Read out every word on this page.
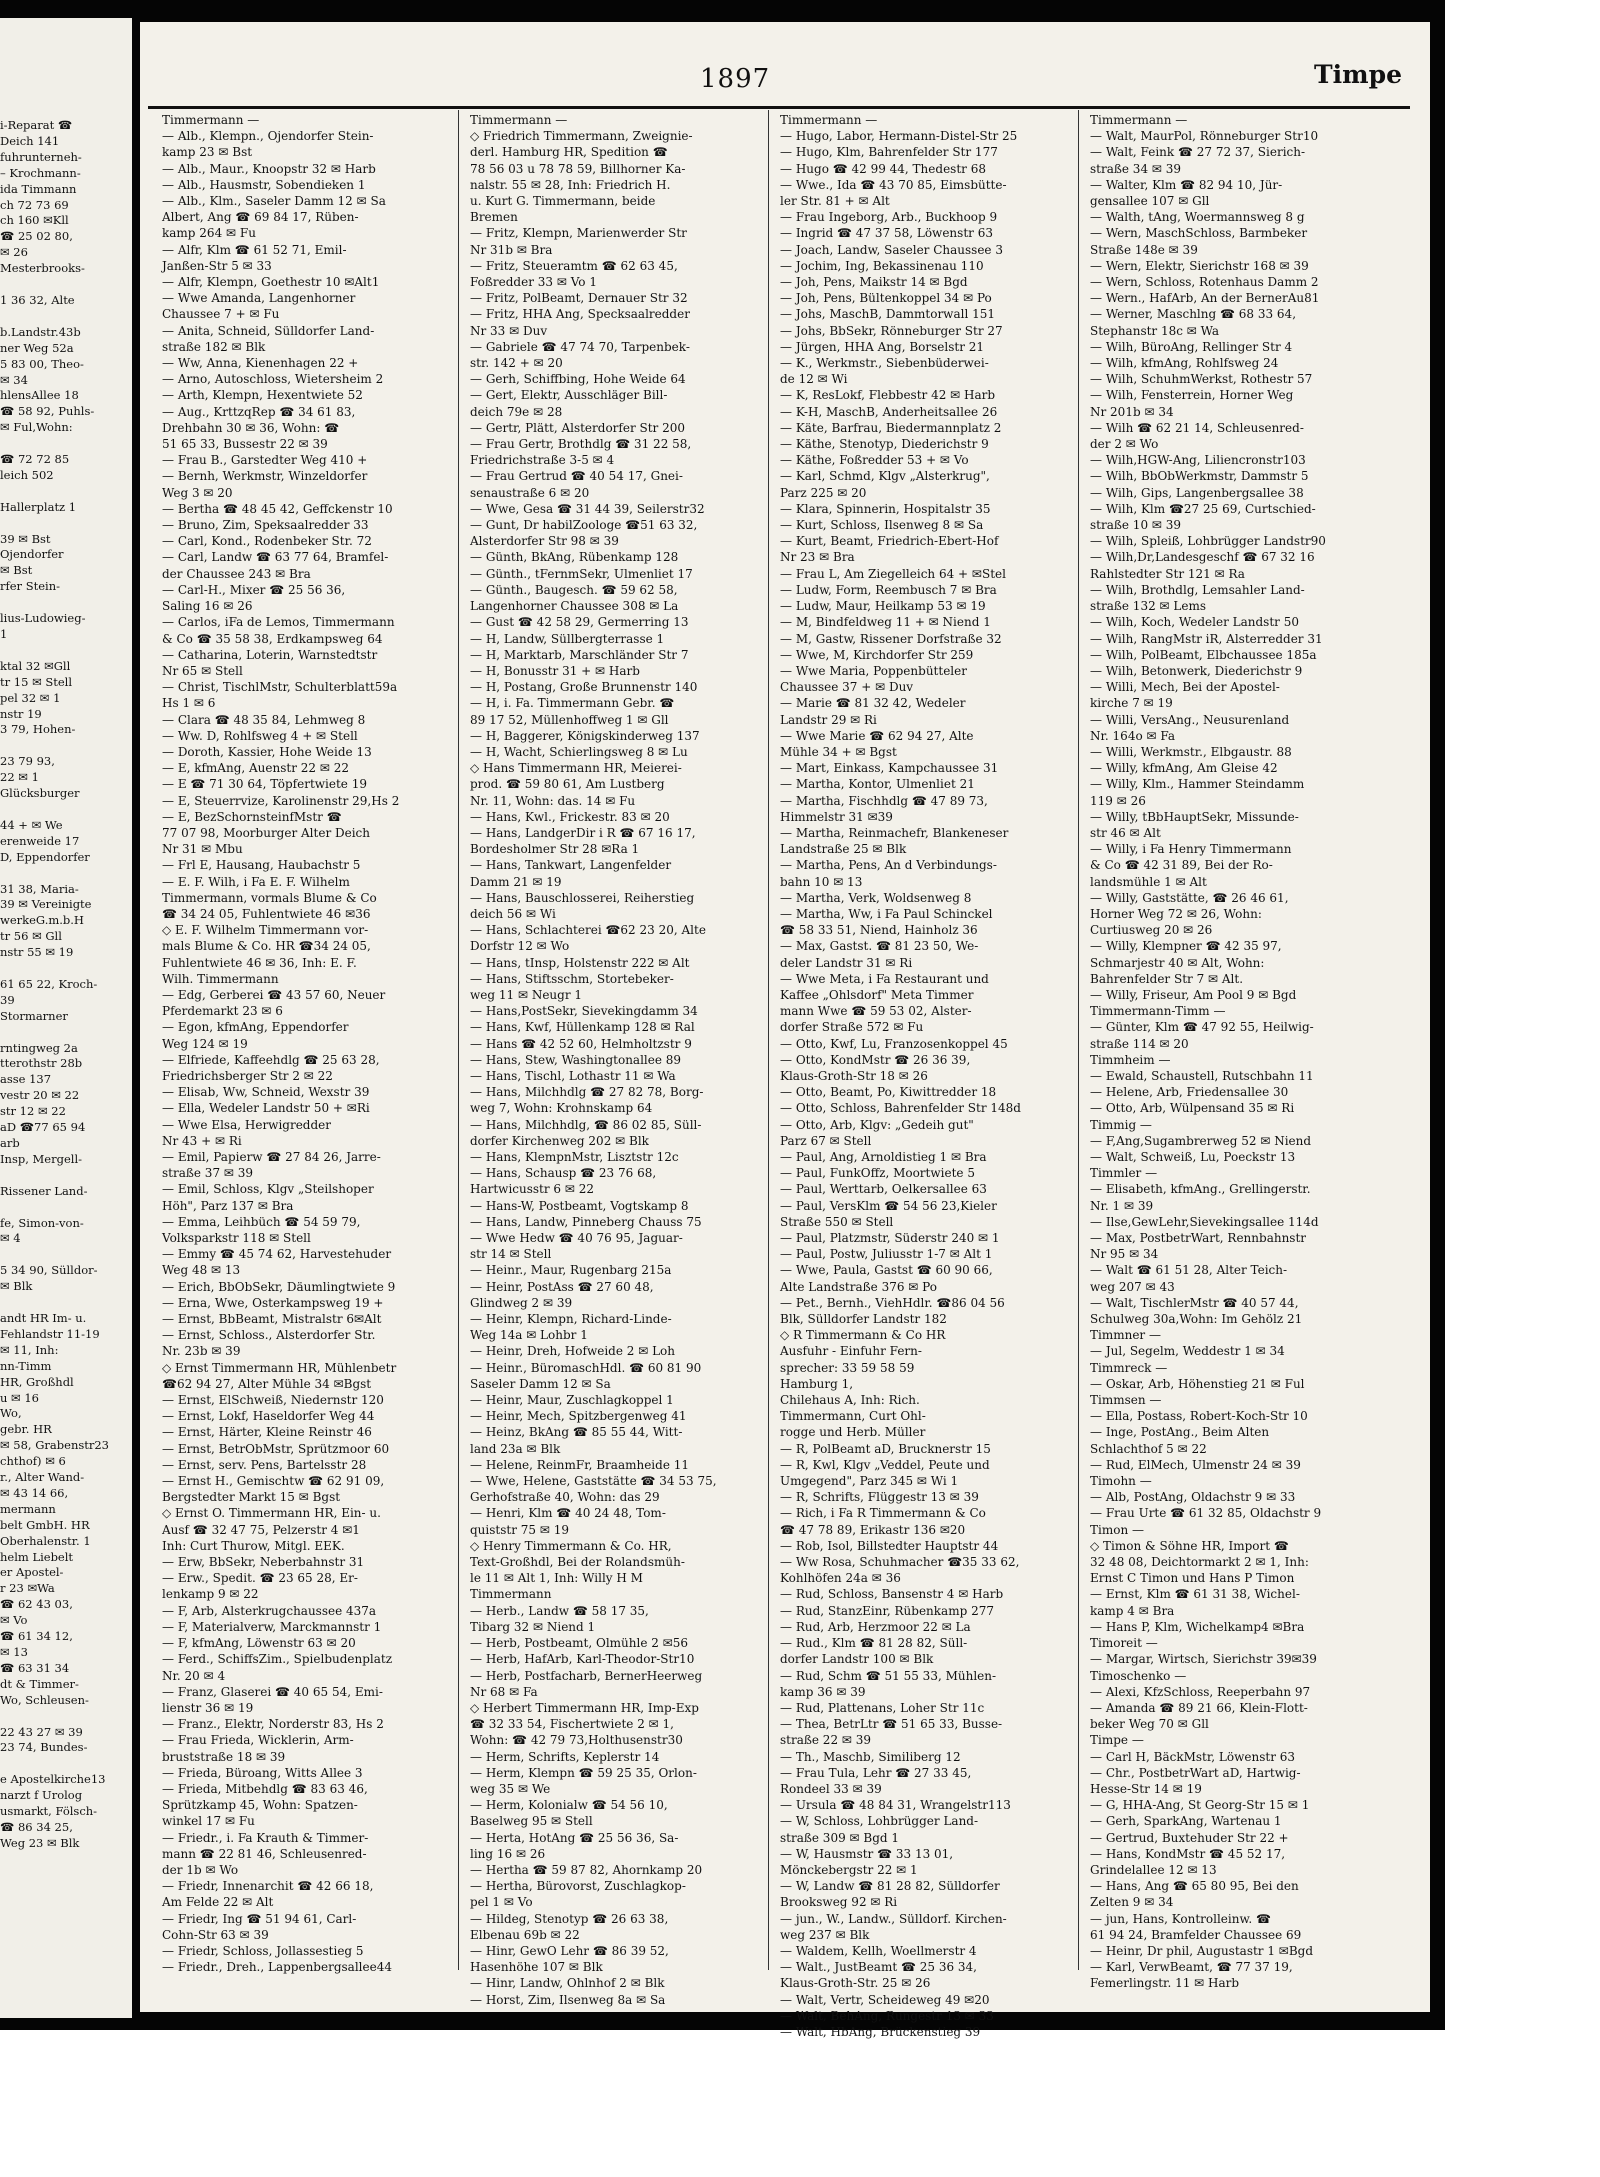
i-Reparat ☎
Deich 141
fuhrunterneh-
– Krochmann-
ida Timmann
ch 72 73 69
ch 160 ✉Kll
☎ 25 02 80,
✉ 26
Mesterbrooks-

1 36 32, Alte

b.Landstr.43b
ner Weg 52a
5 83 00, Theo-
✉ 34
hlensAllee 18
☎ 58 92, Puhls-
✉ Ful,Wohn:

☎ 72 72 85
leich 502

Hallerplatz 1

39 ✉ Bst
Ojendorfer
✉ Bst
rfer Stein-

lius-Ludowieg-
1

ktal 32 ✉Gll
tr 15 ✉ Stell
pel 32 ✉ 1
nstr 19
3 79, Hohen-

23 79 93,
22 ✉ 1
Glücksburger

44 + ✉ We
erenweide 17
D, Eppendorfer

31 38, Maria-
39 ✉ Vereinigte
werkeG.m.b.H
tr 56 ✉ Gll
nstr 55 ✉ 19

61 65 22, Kroch-
39
Stormarner

rntingweg 2a
tterothstr 28b
asse 137
vestr 20 ✉ 22
str 12 ✉ 22
aD ☎77 65 94
arb
Insp, Mergell-

Rissener Land-

fe, Simon-von-
✉ 4

5 34 90, Sülldor-
✉ Blk

andt HR Im- u.
Fehlandstr 11-19
✉ 11, Inh:
nn-Timm
HR, Großhdl
u ✉ 16
Wo,
gebr. HR
✉ 58, Grabenstr23
chthof) ✉ 6
r., Alter Wand-
✉ 43 14 66,
mermann
belt GmbH. HR
Oberhalenstr. 1
helm Liebelt
er Apostel-
r 23 ✉Wa
☎ 62 43 03,
✉ Vo
☎ 61 34 12,
✉ 13
☎ 63 31 34
dt & Timmer-
Wo, Schleusen-

22 43 27 ✉ 39
23 74, Bundes-

e Apostelkirche13
narzt f Urolog
usmarkt, Fölsch-
☎ 86 34 25,
Weg 23 ✉ Blk
1897	Timpe
Timmermann —
— Alb., Klempn., Ojendorfer Stein-
kamp 23 ✉ Bst
— Alb., Maur., Knoopstr 32 ✉ Harb
— Alb., Hausmstr, Sobendieken 1
— Alb., Klm., Saseler Damm 12 ✉ Sa
Albert, Ang ☎ 69 84 17, Rüben-
kamp 264 ✉ Fu
— Alfr, Klm ☎ 61 52 71, Emil-
Janßen-Str 5 ✉ 33
— Alfr, Klempn, Goethestr 10 ✉Alt1
— Wwe Amanda, Langenhorner
Chaussee 7 + ✉ Fu
— Anita, Schneid, Sülldorfer Land-
straße 182 ✉ Blk
— Ww, Anna, Kienenhagen 22 +
— Arno, Autoschloss, Wietersheim 2
— Arth, Klempn, Hexentwiete 52
— Aug., KrttzqRep ☎ 34 61 83,
Drehbahn 30 ✉ 36, Wohn: ☎
51 65 33, Bussestr 22 ✉ 39
— Frau B., Garstedter Weg 410 +
— Bernh, Werkmstr, Winzeldorfer
Weg 3 ✉ 20
— Bertha ☎ 48 45 42, Geffckenstr 10
— Bruno, Zim, Speksaalredder 33
— Carl, Kond., Rodenbeker Str. 72
— Carl, Landw ☎ 63 77 64, Bramfel-
der Chaussee 243 ✉ Bra
— Carl-H., Mixer ☎ 25 56 36,
Saling 16 ✉ 26
— Carlos, iFa de Lemos, Timmermann
& Co ☎ 35 58 38, Erdkampsweg 64
— Catharina, Loterin, Warnstedtstr
Nr 65 ✉ Stell
— Christ, TischlMstr, Schulterblatt59a
Hs 1 ✉ 6
— Clara ☎ 48 35 84, Lehmweg 8
— Ww. D, Rohlfsweg 4 + ✉ Stell
— Doroth, Kassier, Hohe Weide 13
— E, kfmAng, Auenstr 22 ✉ 22
— E ☎ 71 30 64, Töpfertwiete 19
— E, Steuerrvize, Karolinenstr 29,Hs 2
— E, BezSchornsteinfMstr ☎
77 07 98, Moorburger Alter Deich
Nr 31 ✉ Mbu
— Frl E, Hausang, Haubachstr 5
— E. F. Wilh, i Fa E. F. Wilhelm
Timmermann, vormals Blume & Co
☎ 34 24 05, Fuhlentwiete 46 ✉36
◇ E. F. Wilhelm Timmermann vor-
mals Blume & Co. HR ☎34 24 05,
Fuhlentwiete 46 ✉ 36, Inh: E. F.
Wilh. Timmermann
— Edg, Gerberei ☎ 43 57 60, Neuer
Pferdemarkt 23 ✉ 6
— Egon, kfmAng, Eppendorfer
Weg 124 ✉ 19
— Elfriede, Kaffeehdlg ☎ 25 63 28,
Friedrichsberger Str 2 ✉ 22
— Elisab, Ww, Schneid, Wexstr 39
— Ella, Wedeler Landstr 50 + ✉Ri
— Wwe Elsa, Herwigredder
Nr 43 + ✉ Ri
— Emil, Papierw ☎ 27 84 26, Jarre-
straße 37 ✉ 39
— Emil, Schloss, Klgv „Steilshoper
Höh", Parz 137 ✉ Bra
— Emma, Leihbüch ☎ 54 59 79,
Volksparkstr 118 ✉ Stell
— Emmy ☎ 45 74 62, Harvestehuder
Weg 48 ✉ 13
— Erich, BbObSekr, Däumlingtwiete 9
— Erna, Wwe, Osterkampsweg 19 +
— Ernst, BbBeamt, Mistralstr 6✉Alt
— Ernst, Schloss., Alsterdorfer Str.
Nr. 23b ✉ 39
◇ Ernst Timmermann HR, Mühlenbetr
☎62 94 27, Alter Mühle 34 ✉Bgst
— Ernst, ElSchweiß, Niedernstr 120
— Ernst, Lokf, Haseldorfer Weg 44
— Ernst, Härter, Kleine Reinstr 46
— Ernst, BetrObMstr, Sprützmoor 60
— Ernst, serv. Pens, Bartelsstr 28
— Ernst H., Gemischtw ☎ 62 91 09,
Bergstedter Markt 15 ✉ Bgst
◇ Ernst O. Timmermann HR, Ein- u.
Ausf ☎ 32 47 75, Pelzerstr 4 ✉1
Inh: Curt Thurow, Mitgl. EEK.
— Erw, BbSekr, Neberbahnstr 31
— Erw., Spedit. ☎ 23 65 28, Er-
lenkamp 9 ✉ 22
— F, Arb, Alsterkrugchaussee 437a
— F, Materialverw, Marckmannstr 1
— F, kfmAng, Löwenstr 63 ✉ 20
— Ferd., SchiffsZim., Spielbudenplatz
Nr. 20 ✉ 4
— Franz, Glaserei ☎ 40 65 54, Emi-
lienstr 36 ✉ 19
— Franz., Elektr, Norderstr 83, Hs 2
— Frau Frieda, Wicklerin, Arm-
bruststraße 18 ✉ 39
— Frieda, Büroang, Witts Allee 3
— Frieda, Mitbehdlg ☎ 83 63 46,
Sprützkamp 45, Wohn: Spatzen-
winkel 17 ✉ Fu
— Friedr., i. Fa Krauth & Timmer-
mann ☎ 22 81 46, Schleusenred-
der 1b ✉ Wo
— Friedr, Innenarchit ☎ 42 66 18,
Am Felde 22 ✉ Alt
— Friedr, Ing ☎ 51 94 61, Carl-
Cohn-Str 63 ✉ 39
— Friedr, Schloss, Jollassestieg 5
— Friedr., Dreh., Lappenbergsallee44
Timmermann —
◇ Friedrich Timmermann, Zweignie-
derl. Hamburg HR, Spedition ☎
78 56 03 u 78 78 59, Billhorner Ka-
nalstr. 55 ✉ 28, Inh: Friedrich H.
u. Kurt G. Timmermann, beide
Bremen
— Fritz, Klempn, Marienwerder Str
Nr 31b ✉ Bra
— Fritz, Steueramtm ☎ 62 63 45,
Foßredder 33 ✉ Vo 1
— Fritz, PolBeamt, Dernauer Str 32
— Fritz, HHA Ang, Specksaalredder
Nr 33 ✉ Duv
— Gabriele ☎ 47 74 70, Tarpenbek-
str. 142 + ✉ 20
— Gerh, Schiffbing, Hohe Weide 64
— Gert, Elektr, Ausschläger Bill-
deich 79e ✉ 28
— Gertr, Plätt, Alsterdorfer Str 200
— Frau Gertr, Brothdlg ☎ 31 22 58,
Friedrichstraße 3-5 ✉ 4
— Frau Gertrud ☎ 40 54 17, Gnei-
senaustraße 6 ✉ 20
— Wwe, Gesa ☎ 31 44 39, Seilerstr32
— Gunt, Dr habilZoologe ☎51 63 32,
Alsterdorfer Str 98 ✉ 39
— Günth, BkAng, Rübenkamp 128
— Günth., tFernmSekr, Ulmenliet 17
— Günth., Baugesch. ☎ 59 62 58,
Langenhorner Chaussee 308 ✉ La
— Gust ☎ 42 58 29, Germerring 13
— H, Landw, Süllbergterrasse 1
— H, Marktarb, Marschländer Str 7
— H, Bonusstr 31 + ✉ Harb
— H, Postang, Große Brunnenstr 140
— H, i. Fa. Timmermann Gebr. ☎
89 17 52, Müllenhoffweg 1 ✉ Gll
— H, Baggerer, Königskinderweg 137
— H, Wacht, Schierlingsweg 8 ✉ Lu
◇ Hans Timmermann HR, Meierei-
prod. ☎ 59 80 61, Am Lustberg
Nr. 11, Wohn: das. 14 ✉ Fu
— Hans, Kwl., Frickestr. 83 ✉ 20
— Hans, LandgerDir i R ☎ 67 16 17,
Bordesholmer Str 28 ✉Ra 1
— Hans, Tankwart, Langenfelder
Damm 21 ✉ 19
— Hans, Bauschlosserei, Reiherstieg
deich 56 ✉ Wi
— Hans, Schlachterei ☎62 23 20, Alte
Dorfstr 12 ✉ Wo
— Hans, tInsp, Holstenstr 222 ✉ Alt
— Hans, Stiftsschm, Stortebeker-
weg 11 ✉ Neugr 1
— Hans,PostSekr, Sievekingdamm 34
— Hans, Kwf, Hüllenkamp 128 ✉ Ral
— Hans ☎ 42 52 60, Helmholtzstr 9
— Hans, Stew, Washingtonallee 89
— Hans, Tischl, Lothastr 11 ✉ Wa
— Hans, Milchhdlg ☎ 27 82 78, Borg-
weg 7, Wohn: Krohnskamp 64
— Hans, Milchhdlg, ☎ 86 02 85, Süll-
dorfer Kirchenweg 202 ✉ Blk
— Hans, KlempnMstr, Lisztstr 12c
— Hans, Schausp ☎ 23 76 68,
Hartwicusstr 6 ✉ 22
— Hans-W, Postbeamt, Vogtskamp 8
— Hans, Landw, Pinneberg Chauss 75
— Wwe Hedw ☎ 40 76 95, Jaguar-
str 14 ✉ Stell
— Heinr., Maur, Rugenbarg 215a
— Heinr, PostAss ☎ 27 60 48,
Glindweg 2 ✉ 39
— Heinr, Klempn, Richard-Linde-
Weg 14a ✉ Lohbr 1
— Heinr, Dreh, Hofweide 2 ✉ Loh
— Heinr., BüromaschHdl. ☎ 60 81 90
Saseler Damm 12 ✉ Sa
— Heinr, Maur, Zuschlagkoppel 1
— Heinr, Mech, Spitzbergenweg 41
— Heinz, BkAng ☎ 85 55 44, Witt-
land 23a ✉ Blk
— Helene, ReinmFr, Braamheide 11
— Wwe, Helene, Gaststätte ☎ 34 53 75,
Gerhofstraße 40, Wohn: das 29
— Henri, Klm ☎ 40 24 48, Tom-
quiststr 75 ✉ 19
◇ Henry Timmermann & Co. HR,
Text-Großhdl, Bei der Rolandsmüh-
le 11 ✉ Alt 1, Inh: Willy H M
Timmermann
— Herb., Landw ☎ 58 17 35,
Tibarg 32 ✉ Niend 1
— Herb, Postbeamt, Olmühle 2 ✉56
— Herb, HafArb, Karl-Theodor-Str10
— Herb, Postfacharb, BernerHeerweg
Nr 68 ✉ Fa
◇ Herbert Timmermann HR, Imp-Exp
☎ 32 33 54, Fischertwiete 2 ✉ 1,
Wohn: ☎ 42 79 73,Holthusenstr30
— Herm, Schrifts, Keplerstr 14
— Herm, Klempn ☎ 59 25 35, Orlon-
weg 35 ✉ We
— Herm, Kolonialw ☎ 54 56 10,
Baselweg 95 ✉ Stell
— Herta, HotAng ☎ 25 56 36, Sa-
ling 16 ✉ 26
— Hertha ☎ 59 87 82, Ahornkamp 20
— Hertha, Bürovorst, Zuschlagkop-
pel 1 ✉ Vo
— Hildeg, Stenotyp ☎ 26 63 38,
Elbenau 69b ✉ 22
— Hinr, GewO Lehr ☎ 86 39 52,
Hasenhöhe 107 ✉ Blk
— Hinr, Landw, Ohlnhof 2 ✉ Blk
— Horst, Zim, Ilsenweg 8a ✉ Sa
Timmermann —
— Hugo, Labor, Hermann-Distel-Str 25
— Hugo, Klm, Bahrenfelder Str 177
— Hugo ☎ 42 99 44, Thedestr 68
— Wwe., Ida ☎ 43 70 85, Eimsbütte-
ler Str. 81 + ✉ Alt
— Frau Ingeborg, Arb., Buckhoop 9
— Ingrid ☎ 47 37 58, Löwenstr 63
— Joach, Landw, Saseler Chaussee 3
— Jochim, Ing, Bekassinenau 110
— Joh, Pens, Maikstr 14 ✉ Bgd
— Joh, Pens, Bültenkoppel 34 ✉ Po
— Johs, MaschB, Dammtorwall 151
— Johs, BbSekr, Rönneburger Str 27
— Jürgen, HHA Ang, Borselstr 21
— K., Werkmstr., Siebenbüderwei-
de 12 ✉ Wi
— K, ResLokf, Flebbestr 42 ✉ Harb
— K-H, MaschB, Anderheitsallee 26
— Käte, Barfrau, Biedermannplatz 2
— Käthe, Stenotyp, Diederichstr 9
— Käthe, Foßredder 53 + ✉ Vo
— Karl, Schmd, Klgv „Alsterkrug",
Parz 225 ✉ 20
— Klara, Spinnerin, Hospitalstr 35
— Kurt, Schloss, Ilsenweg 8 ✉ Sa
— Kurt, Beamt, Friedrich-Ebert-Hof
Nr 23 ✉ Bra
— Frau L, Am Ziegelleich 64 + ✉Stel
— Ludw, Form, Reembusch 7 ✉ Bra
— Ludw, Maur, Heilkamp 53 ✉ 19
— M, Bindfeldweg 11 + ✉ Niend 1
— M, Gastw, Rissener Dorfstraße 32
— Wwe, M, Kirchdorfer Str 259
— Wwe Maria, Poppenbütteler
Chaussee 37 + ✉ Duv
— Marie ☎ 81 32 42, Wedeler
Landstr 29 ✉ Ri
— Wwe Marie ☎ 62 94 27, Alte
Mühle 34 + ✉ Bgst
— Mart, Einkass, Kampchaussee 31
— Martha, Kontor, Ulmenliet 21
— Martha, Fischhdlg ☎ 47 89 73,
Himmelstr 31 ✉39
— Martha, Reinmachefr, Blankeneser
Landstraße 25 ✉ Blk
— Martha, Pens, An d Verbindungs-
bahn 10 ✉ 13
— Martha, Verk, Woldsenweg 8
— Martha, Ww, i Fa Paul Schinckel
☎ 58 33 51, Niend, Hainholz 36
— Max, Gastst. ☎ 81 23 50, We-
deler Landstr 31 ✉ Ri
— Wwe Meta, i Fa Restaurant und
Kaffee „Ohlsdorf" Meta Timmer
mann Wwe ☎ 59 53 02, Alster-
dorfer Straße 572 ✉ Fu
— Otto, Kwf, Lu, Franzosenkoppel 45
— Otto, KondMstr ☎ 26 36 39,
Klaus-Groth-Str 18 ✉ 26
— Otto, Beamt, Po, Kiwittredder 18
— Otto, Schloss, Bahrenfelder Str 148d
— Otto, Arb, Klgv: „Gedeih gut"
Parz 67 ✉ Stell
— Paul, Ang, Arnoldistieg 1 ✉ Bra
— Paul, FunkOffz, Moortwiete 5
— Paul, Werttarb, Oelkersallee 63
— Paul, VersKlm ☎ 54 56 23,Kieler
Straße 550 ✉ Stell
— Paul, Platzmstr, Süderstr 240 ✉ 1
— Paul, Postw, Juliusstr 1-7 ✉ Alt 1
— Wwe, Paula, Gastst ☎ 60 90 66,
Alte Landstraße 376 ✉ Po
— Pet., Bernh., ViehHdlr. ☎86 04 56
Blk, Sülldorfer Landstr 182
◇ R Timmermann & Co HR
Ausfuhr - Einfuhr Fern-
sprecher: 33 59 58 59
Hamburg 1,
Chilehaus A, Inh: Rich.
Timmermann, Curt Ohl-
rogge und Herb. Müller
— R, PolBeamt aD, Brucknerstr 15
— R, Kwl, Klgv „Veddel, Peute und
Umgegend", Parz 345 ✉ Wi 1
— R, Schrifts, Flüggestr 13 ✉ 39
— Rich, i Fa R Timmermann & Co
☎ 47 78 89, Erikastr 136 ✉20
— Rob, Isol, Billstedter Hauptstr 44
— Ww Rosa, Schuhmacher ☎35 33 62,
Kohlhöfen 24a ✉ 36
— Rud, Schloss, Bansenstr 4 ✉ Harb
— Rud, StanzEinr, Rübenkamp 277
— Rud, Arb, Herzmoor 22 ✉ La
— Rud., Klm ☎ 81 28 82, Süll-
dorfer Landstr 100 ✉ Blk
— Rud, Schm ☎ 51 55 33, Mühlen-
kamp 36 ✉ 39
— Rud, Plattenans, Loher Str 11c
— Thea, BetrLtr ☎ 51 65 33, Busse-
straße 22 ✉ 39
— Th., Maschb, Similiberg 12
— Frau Tula, Lehr ☎ 27 33 45,
Rondeel 33 ✉ 39
— Ursula ☎ 48 84 31, Wrangelstr113
— W, Schloss, Lohbrügger Land-
straße 309 ✉ Bgd 1
— W, Hausmstr ☎ 33 13 01,
Mönckebergstr 22 ✉ 1
— W, Landw ☎ 81 28 82, Sülldorfer
Brooksweg 92 ✉ Ri
— jun., W., Landw., Sülldorf. Kirchen-
weg 237 ✉ Blk
— Waldem, Kellh, Woellmerstr 4
— Walt., JustBeamt ☎ 25 36 34,
Klaus-Groth-Str. 25 ✉ 26
— Walt, Vertr, Scheideweg 49 ✉20
— Walt, BehAng, Rungestr 13 ✉ 33
— Walt, HbAng, Brückenstieg 39
Timmermann —
— Walt, MaurPol, Rönneburger Str10
— Walt, Feink ☎ 27 72 37, Sierich-
straße 34 ✉ 39
— Walter, Klm ☎ 82 94 10, Jür-
gensallee 107 ✉ Gll
— Walth, tAng, Woermannsweg 8 g
— Wern, MaschSchloss, Barmbeker
Straße 148e ✉ 39
— Wern, Elektr, Sierichstr 168 ✉ 39
— Wern, Schloss, Rotenhaus Damm 2
— Wern., HafArb, An der BernerAu81
— Werner, Maschlng ☎ 68 33 64,
Stephanstr 18c ✉ Wa
— Wilh, BüroAng, Rellinger Str 4
— Wilh, kfmAng, Rohlfsweg 24
— Wilh, SchuhmWerkst, Rothestr 57
— Wilh, Fensterrein, Horner Weg
Nr 201b ✉ 34
— Wilh ☎ 62 21 14, Schleusenred-
der 2 ✉ Wo
— Wilh,HGW-Ang, Liliencronstr103
— Wilh, BbObWerkmstr, Dammstr 5
— Wilh, Gips, Langenbergsallee 38
— Wilh, Klm ☎27 25 69, Curtschied-
straße 10 ✉ 39
— Wilh, Spleiß, Lohbrügger Landstr90
— Wilh,Dr,Landesgeschf ☎ 67 32 16
Rahlstedter Str 121 ✉ Ra
— Wilh, Brothdlg, Lemsahler Land-
straße 132 ✉ Lems
— Wilh, Koch, Wedeler Landstr 50
— Wilh, RangMstr iR, Alsterredder 31
— Wilh, PolBeamt, Elbchaussee 185a
— Wilh, Betonwerk, Diederichstr 9
— Willi, Mech, Bei der Apostel-
kirche 7 ✉ 19
— Willi, VersAng., Neusurenland
Nr. 164o ✉ Fa
— Willi, Werkmstr., Elbgaustr. 88
— Willy, kfmAng, Am Gleise 42
— Willy, Klm., Hammer Steindamm
119 ✉ 26
— Willy, tBbHauptSekr, Missunde-
str 46 ✉ Alt
— Willy, i Fa Henry Timmermann
& Co ☎ 42 31 89, Bei der Ro-
landsmühle 1 ✉ Alt
— Willy, Gaststätte, ☎ 26 46 61,
Horner Weg 72 ✉ 26, Wohn:
Curtiusweg 20 ✉ 26
— Willy, Klempner ☎ 42 35 97,
Schmarjestr 40 ✉ Alt, Wohn:
Bahrenfelder Str 7 ✉ Alt.
— Willy, Friseur, Am Pool 9 ✉ Bgd
Timmermann-Timm —
— Günter, Klm ☎ 47 92 55, Heilwig-
straße 114 ✉ 20
Timmheim —
— Ewald, Schaustell, Rutschbahn 11
— Helene, Arb, Friedensallee 30
— Otto, Arb, Wülpensand 35 ✉ Ri
Timmig —
— F,Ang,Sugambrerweg 52 ✉ Niend
— Walt, Schweiß, Lu, Poeckstr 13
Timmler —
— Elisabeth, kfmAng., Grellingerstr.
Nr. 1 ✉ 39
— Ilse,GewLehr,Sievekingsallee 114d
— Max, PostbetrWart, Rennbahnstr
Nr 95 ✉ 34
— Walt ☎ 61 51 28, Alter Teich-
weg 207 ✉ 43
— Walt, TischlerMstr ☎ 40 57 44,
Schulweg 30a,Wohn: Im Gehölz 21
Timmner —
— Jul, Segelm, Weddestr 1 ✉ 34
Timmreck —
— Oskar, Arb, Höhenstieg 21 ✉ Ful
Timmsen —
— Ella, Postass, Robert-Koch-Str 10
— Inge, PostAng., Beim Alten
Schlachthof 5 ✉ 22
— Rud, ElMech, Ulmenstr 24 ✉ 39
Timohn —
— Alb, PostAng, Oldachstr 9 ✉ 33
— Frau Urte ☎ 61 32 85, Oldachstr 9
Timon —
◇ Timon & Söhne HR, Import ☎
32 48 08, Deichtormarkt 2 ✉ 1, Inh:
Ernst C Timon und Hans P Timon
— Ernst, Klm ☎ 61 31 38, Wichel-
kamp 4 ✉ Bra
— Hans P, Klm, Wichelkamp4 ✉Bra
Timoreit —
— Margar, Wirtsch, Sierichstr 39✉39
Timoschenko —
— Alexi, KfzSchloss, Reeperbahn 97
— Amanda ☎ 89 21 66, Klein-Flott-
beker Weg 70 ✉ Gll
Timpe —
— Carl H, BäckMstr, Löwenstr 63
— Chr., PostbetrWart aD, Hartwig-
Hesse-Str 14 ✉ 19
— G, HHA-Ang, St Georg-Str 15 ✉ 1
— Gerh, SparkAng, Wartenau 1
— Gertrud, Buxtehuder Str 22 +
— Hans, KondMstr ☎ 45 52 17,
Grindelallee 12 ✉ 13
— Hans, Ang ☎ 65 80 95, Bei den
Zelten 9 ✉ 34
— jun, Hans, Kontrolleinw. ☎
61 94 24, Bramfelder Chaussee 69
— Heinr, Dr phil, Augustastr 1 ✉Bgd
— Karl, VerwBeamt, ☎ 77 37 19,
Femerlingstr. 11 ✉ Harb
